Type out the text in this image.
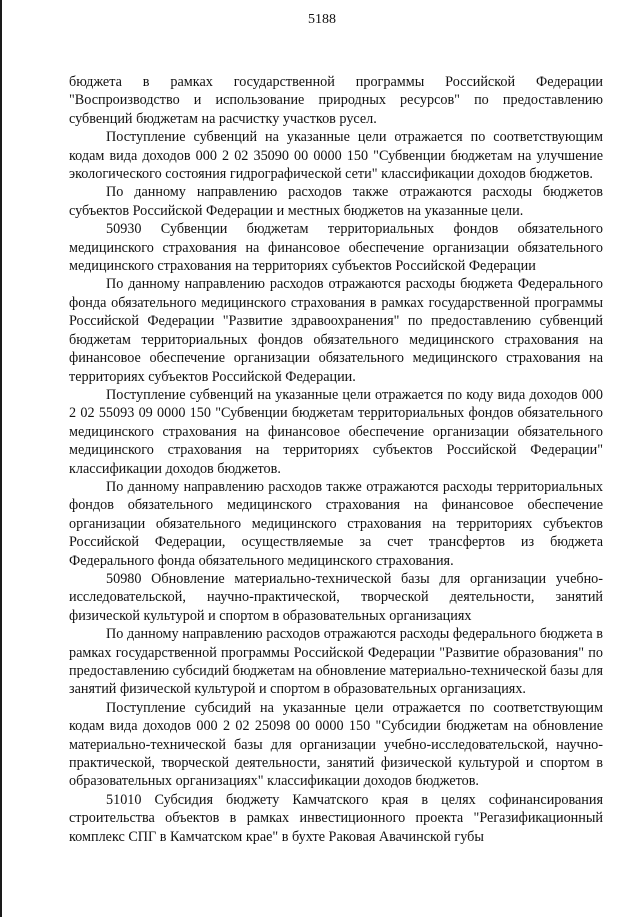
5188

бюджета в рамках государственной программы Российской Федерации "Воспроизводство и использование природных ресурсов" по предоставлению субвенций бюджетам на расчистку участков русел.

Поступление субвенций на указанные цели отражается по соответствующим кодам вида доходов 000 2 02 35090 00 0000 150 "Субвенции бюджетам на улучшение экологического состояния гидрографической сети" классификации доходов бюджетов.

По данному направлению расходов также отражаются расходы бюджетов субъектов Российской Федерации и местных бюджетов на указанные цели.

50930 Субвенции бюджетам территориальных фондов обязательного медицинского страхования на финансовое обеспечение организации обязательного медицинского страхования на территориях субъектов Российской Федерации

По данному направлению расходов отражаются расходы бюджета Федерального фонда обязательного медицинского страхования в рамках государственной программы Российской Федерации "Развитие здравоохранения" по предоставлению субвенций бюджетам территориальных фондов обязательного медицинского страхования на финансовое обеспечение организации обязательного медицинского страхования на территориях субъектов Российской Федерации.

Поступление субвенций на указанные цели отражается по коду вида доходов 000 2 02 55093 09 0000 150 "Субвенции бюджетам территориальных фондов обязательного медицинского страхования на финансовое обеспечение организации обязательного медицинского страхования на территориях субъектов Российской Федерации" классификации доходов бюджетов.

По данному направлению расходов также отражаются расходы территориальных фондов обязательного медицинского страхования на финансовое обеспечение организации обязательного медицинского страхования на территориях субъектов Российской Федерации, осуществляемые за счет трансфертов из бюджета Федерального фонда обязательного медицинского страхования.

50980 Обновление материально-технической базы для организации учебно-исследовательской, научно-практической, творческой деятельности, занятий физической культурой и спортом в образовательных организациях

По данному направлению расходов отражаются расходы федерального бюджета в рамках государственной программы Российской Федерации "Развитие образования" по предоставлению субсидий бюджетам на обновление материально-технической базы для занятий физической культурой и спортом в образовательных организациях.

Поступление субсидий на указанные цели отражается по соответствующим кодам вида доходов 000 2 02 25098 00 0000 150 "Субсидии бюджетам на обновление материально-технической базы для организации учебно-исследовательской, научно-практической, творческой деятельности, занятий физической культурой и спортом в образовательных организациях" классификации доходов бюджетов.

51010 Субсидия бюджету Камчатского края в целях софинансирования строительства объектов в рамках инвестиционного проекта "Регазификационный комплекс СПГ в Камчатском крае" в бухте Раковая Авачинской губы
